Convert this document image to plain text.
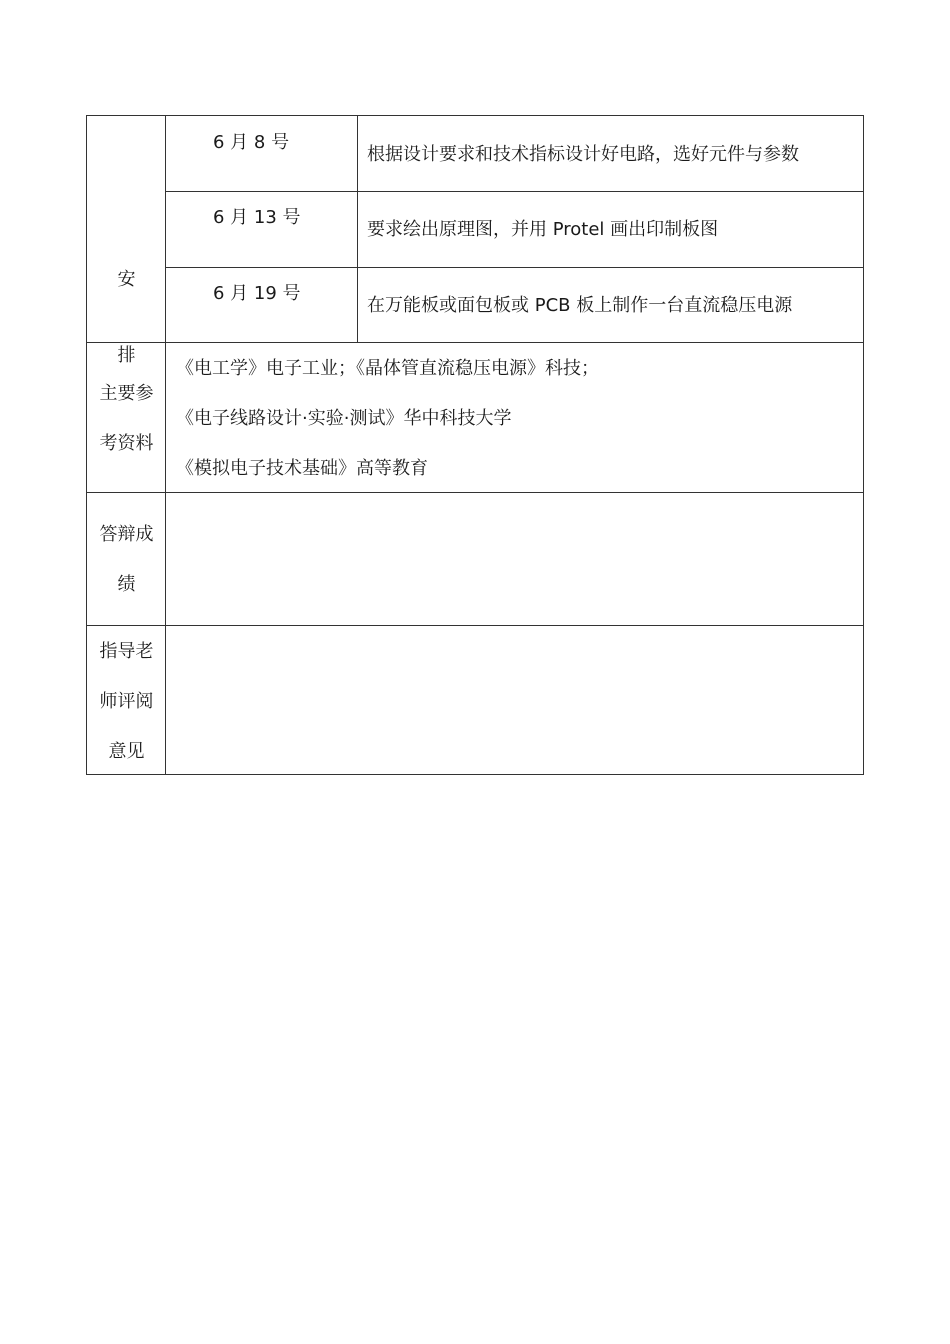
安
6 月 8 号
根据设计要求和技术指标设计好电路，选好元件与参数
6 月 13 号
要求绘出原理图，并用 Protel 画出印制板图
6 月 19 号
在万能板或面包板或 PCB 板上制作一台直流稳压电源
排
主要参
考资料
《电工学》电子工业；《晶体管直流稳压电源》科技；
《电子线路设计·实验·测试》华中科技大学
《模拟电子技术基础》高等教育
答辩成
绩
指导老
师评阅
意见
